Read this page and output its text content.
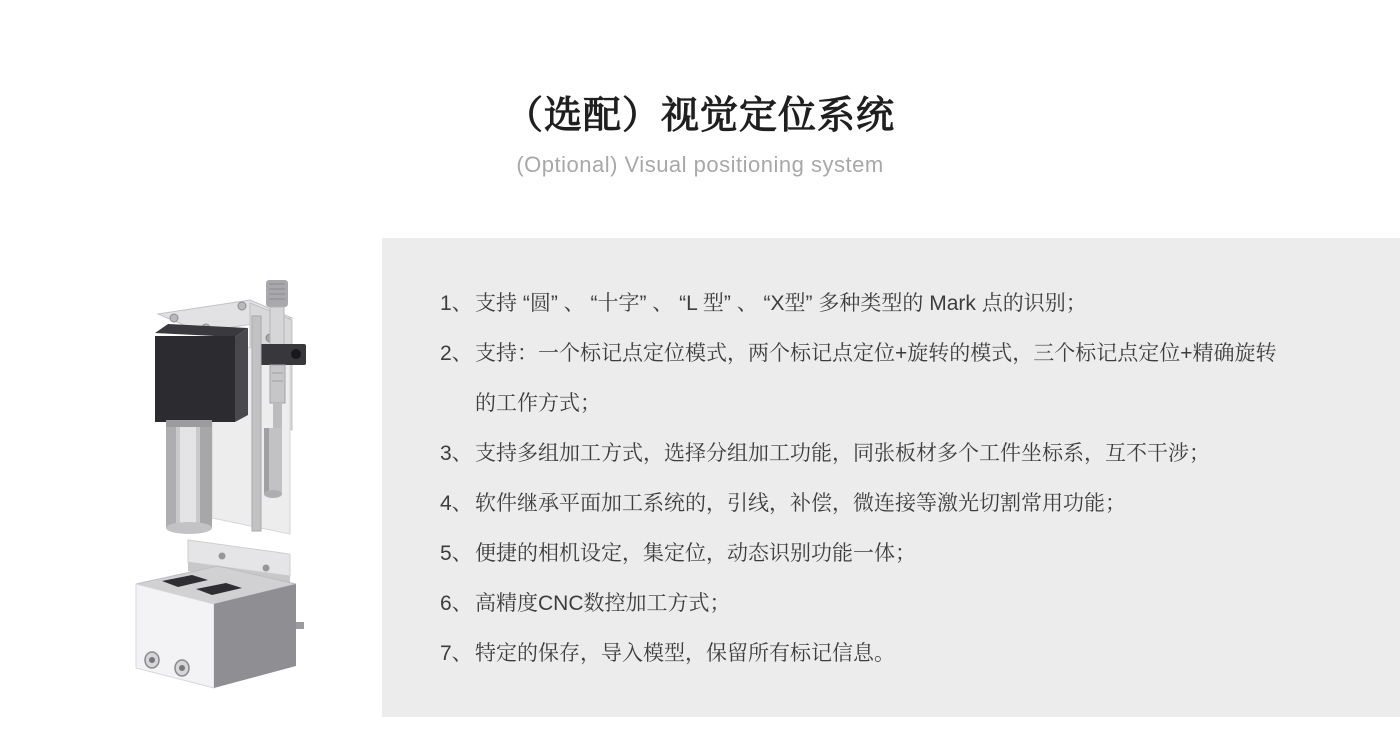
（选配）视觉定位系统
(Optional) Visual positioning system
1、 支持 “圆” 、 “十字” 、 “L 型” 、 “X型” 多种类型的 Mark 点的识别；
2、 支持：一个标记点定位模式，两个标记点定位+旋转的模式，三个标记点定位+精确旋转
的工作方式；
3、 支持多组加工方式，选择分组加工功能，同张板材多个工件坐标系，互不干涉；
4、 软件继承平面加工系统的，引线，补偿，微连接等激光切割常用功能；
5、 便捷的相机设定，集定位，动态识别功能一体；
6、 高精度CNC数控加工方式；
7、 特定的保存，导入模型，保留所有标记信息。
